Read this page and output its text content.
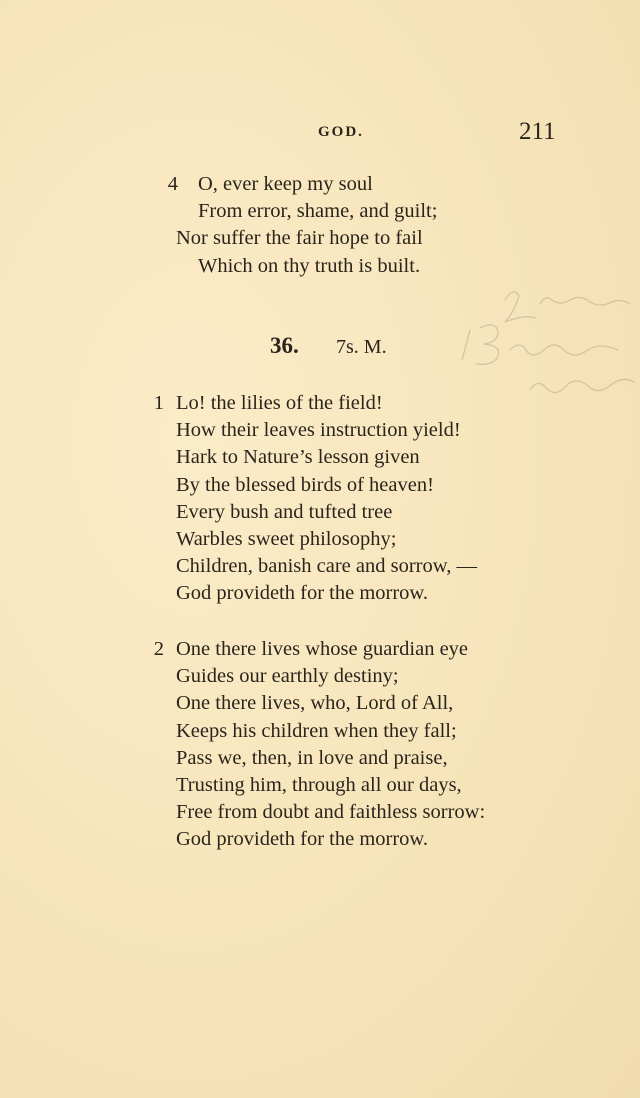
GOD.	211
4 O, ever keep my soul
From error, shame, and guilt;
Nor suffer the fair hope to fail
Which on thy truth is built.
36. 7s. M.
1 Lo! the lilies of the field!
How their leaves instruction yield!
Hark to Nature’s lesson given
By the blessed birds of heaven!
Every bush and tufted tree
Warbles sweet philosophy;
Children, banish care and sorrow, —
God provideth for the morrow.
2 One there lives whose guardian eye
Guides our earthly destiny;
One there lives, who, Lord of All,
Keeps his children when they fall;
Pass we, then, in love and praise,
Trusting him, through all our days,
Free from doubt and faithless sorrow:
God provideth for the morrow.
